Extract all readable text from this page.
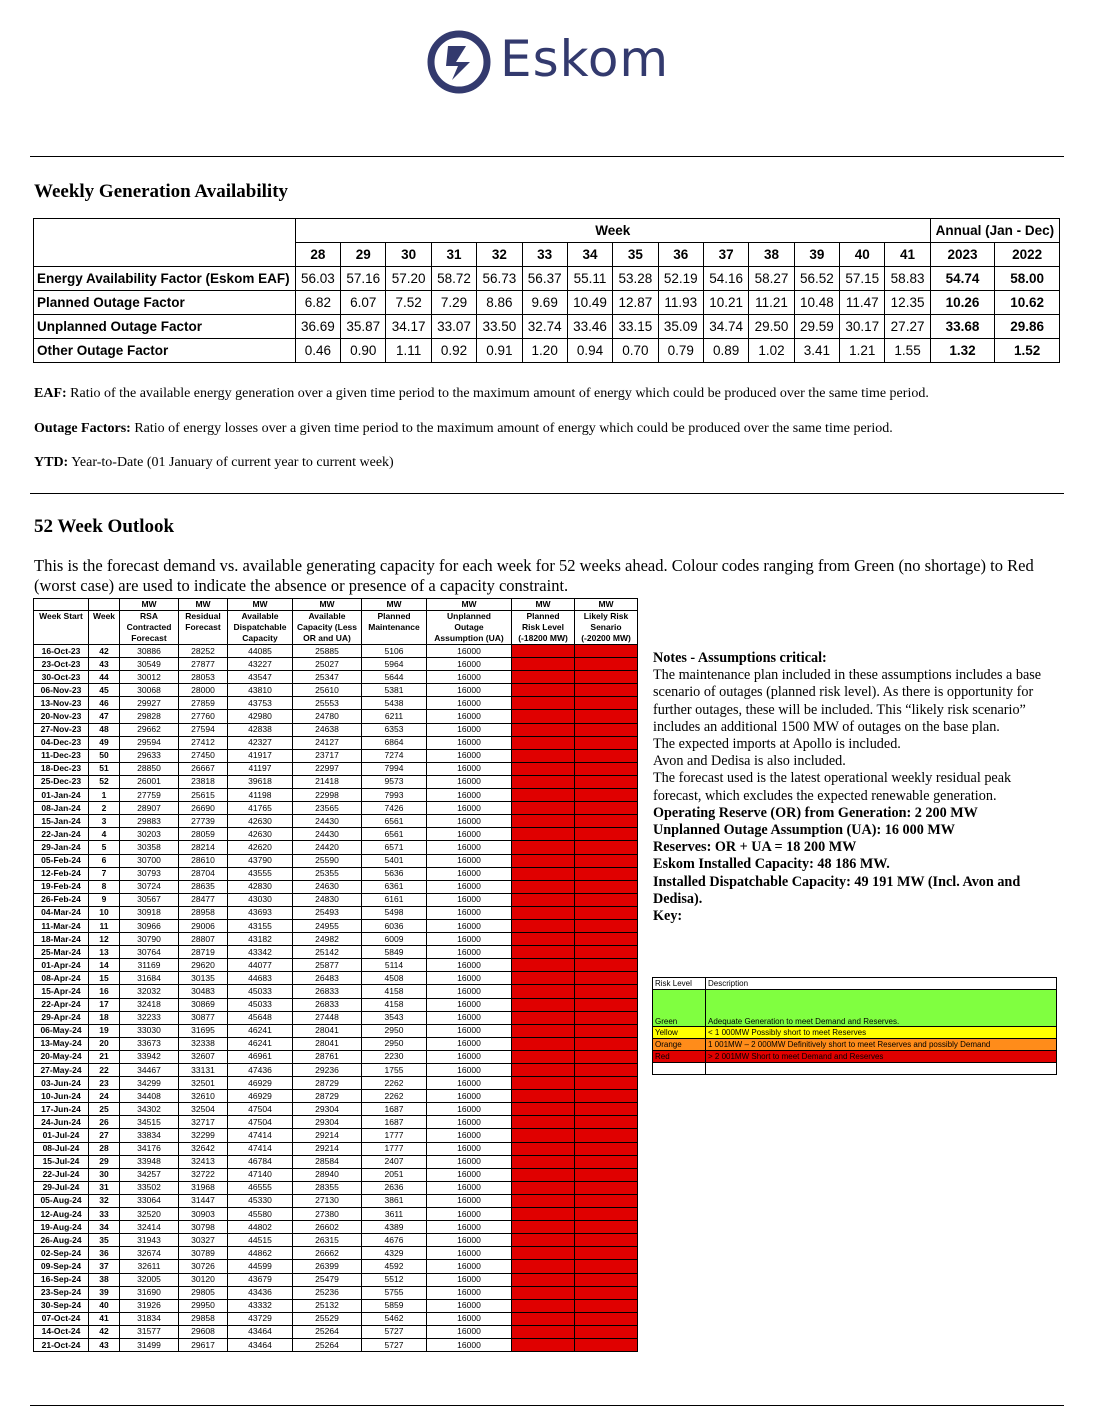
Eskom
Weekly Generation Availability
	Week														Annual (Jan - Dec)	
	28	29	30	31	32	33	34	35	36	37	38	39	40	41	2023	2022
Energy Availability Factor (Eskom EAF)	56.03	57.16	57.20	58.72	56.73	56.37	55.11	53.28	52.19	54.16	58.27	56.52	57.15	58.83	54.74	58.00
Planned Outage Factor	6.82	6.07	7.52	7.29	8.86	9.69	10.49	12.87	11.93	10.21	11.21	10.48	11.47	12.35	10.26	10.62
Unplanned Outage Factor	36.69	35.87	34.17	33.07	33.50	32.74	33.46	33.15	35.09	34.74	29.50	29.59	30.17	27.27	33.68	29.86
Other Outage Factor	0.46	0.90	1.11	0.92	0.91	1.20	0.94	0.70	0.79	0.89	1.02	3.41	1.21	1.55	1.32	1.52
EAF: Ratio of the available energy generation over a given time period to the maximum amount of energy which could be produced over the same time period.
Outage Factors: Ratio of energy losses over a given time period to the maximum amount of energy which could be produced over the same time period.
YTD: Year-to-Date (01 January of current year to current week)
52 Week Outlook
This is the forecast demand vs. available generating capacity for each week for 52 weeks ahead. Colour codes ranging from Green (no shortage) to Red (worst case) are used to indicate the absence or presence of a capacity constraint.
		MW	MW	MW	MW	MW	MW	MW	MW
Week Start	Week	RSA	Residual	Available	Available	Planned	Unplanned	Planned	Likely Risk
		Contracted	Forecast	Dispatchable	Capacity (Less	Maintenance	Outage	Risk Level	Senario
		Forecast		Capacity	OR and UA)		Assumption (UA)	(-18200 MW)	(-20200 MW)
16-Oct-23	42	30886	28252	44085	25885	5106	16000		
23-Oct-23	43	30549	27877	43227	25027	5964	16000		
30-Oct-23	44	30012	28053	43547	25347	5644	16000		
06-Nov-23	45	30068	28000	43810	25610	5381	16000		
13-Nov-23	46	29927	27859	43753	25553	5438	16000		
20-Nov-23	47	29828	27760	42980	24780	6211	16000		
27-Nov-23	48	29662	27594	42838	24638	6353	16000		
04-Dec-23	49	29594	27412	42327	24127	6864	16000		
11-Dec-23	50	29633	27450	41917	23717	7274	16000		
18-Dec-23	51	28850	26667	41197	22997	7994	16000		
25-Dec-23	52	26001	23818	39618	21418	9573	16000		
01-Jan-24	1	27759	25615	41198	22998	7993	16000		
08-Jan-24	2	28907	26690	41765	23565	7426	16000		
15-Jan-24	3	29883	27739	42630	24430	6561	16000		
22-Jan-24	4	30203	28059	42630	24430	6561	16000		
29-Jan-24	5	30358	28214	42620	24420	6571	16000		
05-Feb-24	6	30700	28610	43790	25590	5401	16000		
12-Feb-24	7	30793	28704	43555	25355	5636	16000		
19-Feb-24	8	30724	28635	42830	24630	6361	16000		
26-Feb-24	9	30567	28477	43030	24830	6161	16000		
04-Mar-24	10	30918	28958	43693	25493	5498	16000		
11-Mar-24	11	30966	29006	43155	24955	6036	16000		
18-Mar-24	12	30790	28807	43182	24982	6009	16000		
25-Mar-24	13	30764	28719	43342	25142	5849	16000		
01-Apr-24	14	31169	29620	44077	25877	5114	16000		
08-Apr-24	15	31684	30135	44683	26483	4508	16000		
15-Apr-24	16	32032	30483	45033	26833	4158	16000		
22-Apr-24	17	32418	30869	45033	26833	4158	16000		
29-Apr-24	18	32233	30877	45648	27448	3543	16000		
06-May-24	19	33030	31695	46241	28041	2950	16000		
13-May-24	20	33673	32338	46241	28041	2950	16000		
20-May-24	21	33942	32607	46961	28761	2230	16000		
27-May-24	22	34467	33131	47436	29236	1755	16000		
03-Jun-24	23	34299	32501	46929	28729	2262	16000		
10-Jun-24	24	34408	32610	46929	28729	2262	16000		
17-Jun-24	25	34302	32504	47504	29304	1687	16000		
24-Jun-24	26	34515	32717	47504	29304	1687	16000		
01-Jul-24	27	33834	32299	47414	29214	1777	16000		
08-Jul-24	28	34176	32642	47414	29214	1777	16000		
15-Jul-24	29	33948	32413	46784	28584	2407	16000		
22-Jul-24	30	34257	32722	47140	28940	2051	16000		
29-Jul-24	31	33502	31968	46555	28355	2636	16000		
05-Aug-24	32	33064	31447	45330	27130	3861	16000		
12-Aug-24	33	32520	30903	45580	27380	3611	16000		
19-Aug-24	34	32414	30798	44802	26602	4389	16000		
26-Aug-24	35	31943	30327	44515	26315	4676	16000		
02-Sep-24	36	32674	30789	44862	26662	4329	16000		
09-Sep-24	37	32611	30726	44599	26399	4592	16000		
16-Sep-24	38	32005	30120	43679	25479	5512	16000		
23-Sep-24	39	31690	29805	43436	25236	5755	16000		
30-Sep-24	40	31926	29950	43332	25132	5859	16000		
07-Oct-24	41	31834	29858	43729	25529	5462	16000		
14-Oct-24	42	31577	29608	43464	25264	5727	16000		
21-Oct-24	43	31499	29617	43464	25264	5727	16000		

Notes - Assumptions critical:

The maintenance plan included in these assumptions includes a base scenario of outages (planned risk level). As there is opportunity for further outages, these will be included. This “likely risk scenario” includes an additional 1500 MW of outages on the base plan.

The expected imports at Apollo is included.

Avon and Dedisa is also included.

The forecast used is the latest operational weekly residual peak forecast, which excludes the expected renewable generation.

Operating Reserve (OR) from Generation: 2 200 MW

Unplanned Outage Assumption (UA): 16 000 MW

Reserves: OR + UA = 18 200 MW

Eskom Installed Capacity: 48 186 MW.

Installed Dispatchable Capacity: 49 191 MW (Incl. Avon and Dedisa).

Key:

Risk Level	Description
Green	Adequate Generation to meet Demand and Reserves.
Yellow	< 1 000MW Possibly short to meet Reserves
Orange	1 001MW – 2 000MW Definitively short to meet Reserves and possibly Demand
Red	> 2 001MW Short to meet Demand and Reserves
